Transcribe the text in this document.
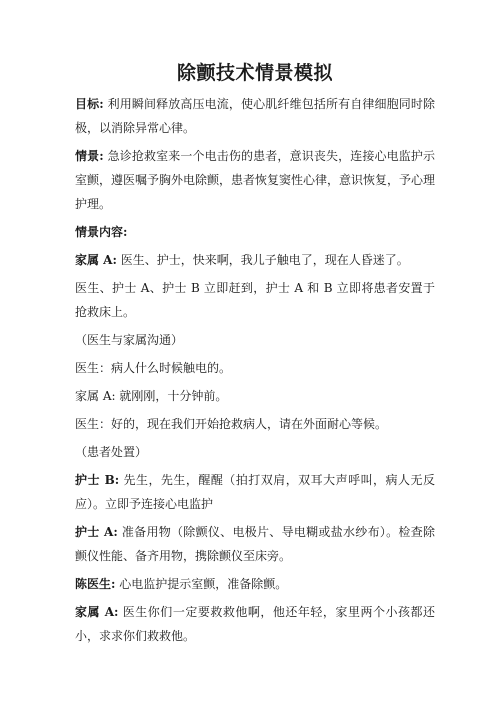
除颤技术情景模拟

目标: 利用瞬间释放高压电流，使心肌纤维包括所有自律细胞同时除极，以消除异常心律。

情景: 急诊抢救室来一个电击伤的患者，意识丧失，连接心电监护示室颤，遵医嘱予胸外电除颤，患者恢复窦性心律，意识恢复，予心理护理。

情景内容:

家属 A: 医生、护士，快来啊，我儿子触电了，现在人昏迷了。

医生、护士 A、护士 B 立即赶到，护士 A 和 B 立即将患者安置于抢救床上。

（医生与家属沟通）

医生：病人什么时候触电的。

家属 A: 就刚刚，十分钟前。

医生：好的，现在我们开始抢救病人，请在外面耐心等候。

（患者处置）

护士 B: 先生，先生，醒醒（拍打双肩，双耳大声呼叫，病人无反应）。立即予连接心电监护

护士 A: 准备用物（除颤仪、电极片、导电糊或盐水纱布）。检查除颤仪性能、备齐用物，携除颤仪至床旁。

陈医生: 心电监护提示室颤，准备除颤。

家属 A: 医生你们一定要救救他啊，他还年轻，家里两个小孩都还小，求求你们救救他。
